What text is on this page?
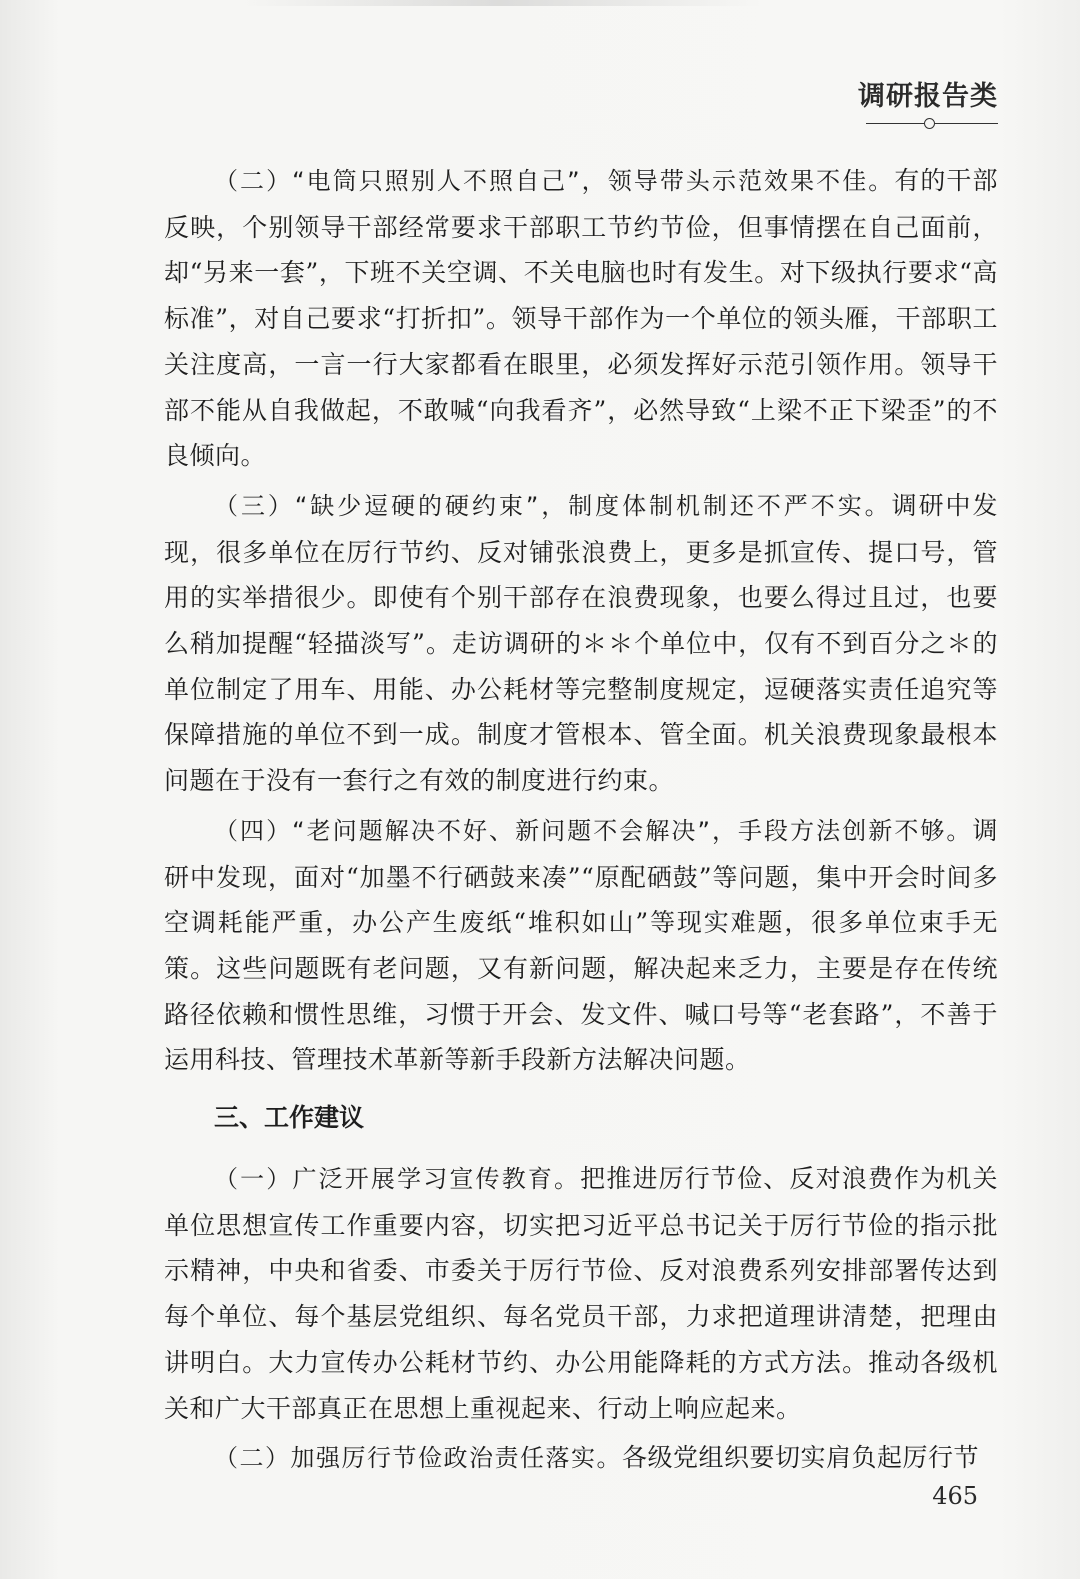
调研报告类

（二）“电筒只照别人不照自己”，领导带头示范效果不佳。有的干部反映，个别领导干部经常要求干部职工节约节俭，但事情摆在自己面前，却“另来一套”，下班不关空调、不关电脑也时有发生。对下级执行要求“高标准”，对自己要求“打折扣”。领导干部作为一个单位的领头雁，干部职工关注度高，一言一行大家都看在眼里，必须发挥好示范引领作用。领导干部不能从自我做起，不敢喊“向我看齐”，必然导致“上梁不正下梁歪”的不良倾向。

（三）“缺少逗硬的硬约束”，制度体制机制还不严不实。调研中发现，很多单位在厉行节约、反对铺张浪费上，更多是抓宣传、提口号，管用的实举措很少。即使有个别干部存在浪费现象，也要么得过且过，也要么稍加提醒“轻描淡写”。走访调研的＊＊个单位中，仅有不到百分之＊的单位制定了用车、用能、办公耗材等完整制度规定，逗硬落实责任追究等保障措施的单位不到一成。制度才管根本、管全面。机关浪费现象最根本问题在于没有一套行之有效的制度进行约束。

（四）“老问题解决不好、新问题不会解决”，手段方法创新不够。调研中发现，面对“加墨不行硒鼓来凑”“原配硒鼓”等问题，集中开会时间多空调耗能严重，办公产生废纸“堆积如山”等现实难题，很多单位束手无策。这些问题既有老问题，又有新问题，解决起来乏力，主要是存在传统路径依赖和惯性思维，习惯于开会、发文件、喊口号等“老套路”，不善于运用科技、管理技术革新等新手段新方法解决问题。

三、工作建议

（一）广泛开展学习宣传教育。把推进厉行节俭、反对浪费作为机关单位思想宣传工作重要内容，切实把习近平总书记关于厉行节俭的指示批示精神，中央和省委、市委关于厉行节俭、反对浪费系列安排部署传达到每个单位、每个基层党组织、每名党员干部，力求把道理讲清楚，把理由讲明白。大力宣传办公耗材节约、办公用能降耗的方式方法。推动各级机关和广大干部真正在思想上重视起来、行动上响应起来。

（二）加强厉行节俭政治责任落实。各级党组织要切实肩负起厉行节

465
